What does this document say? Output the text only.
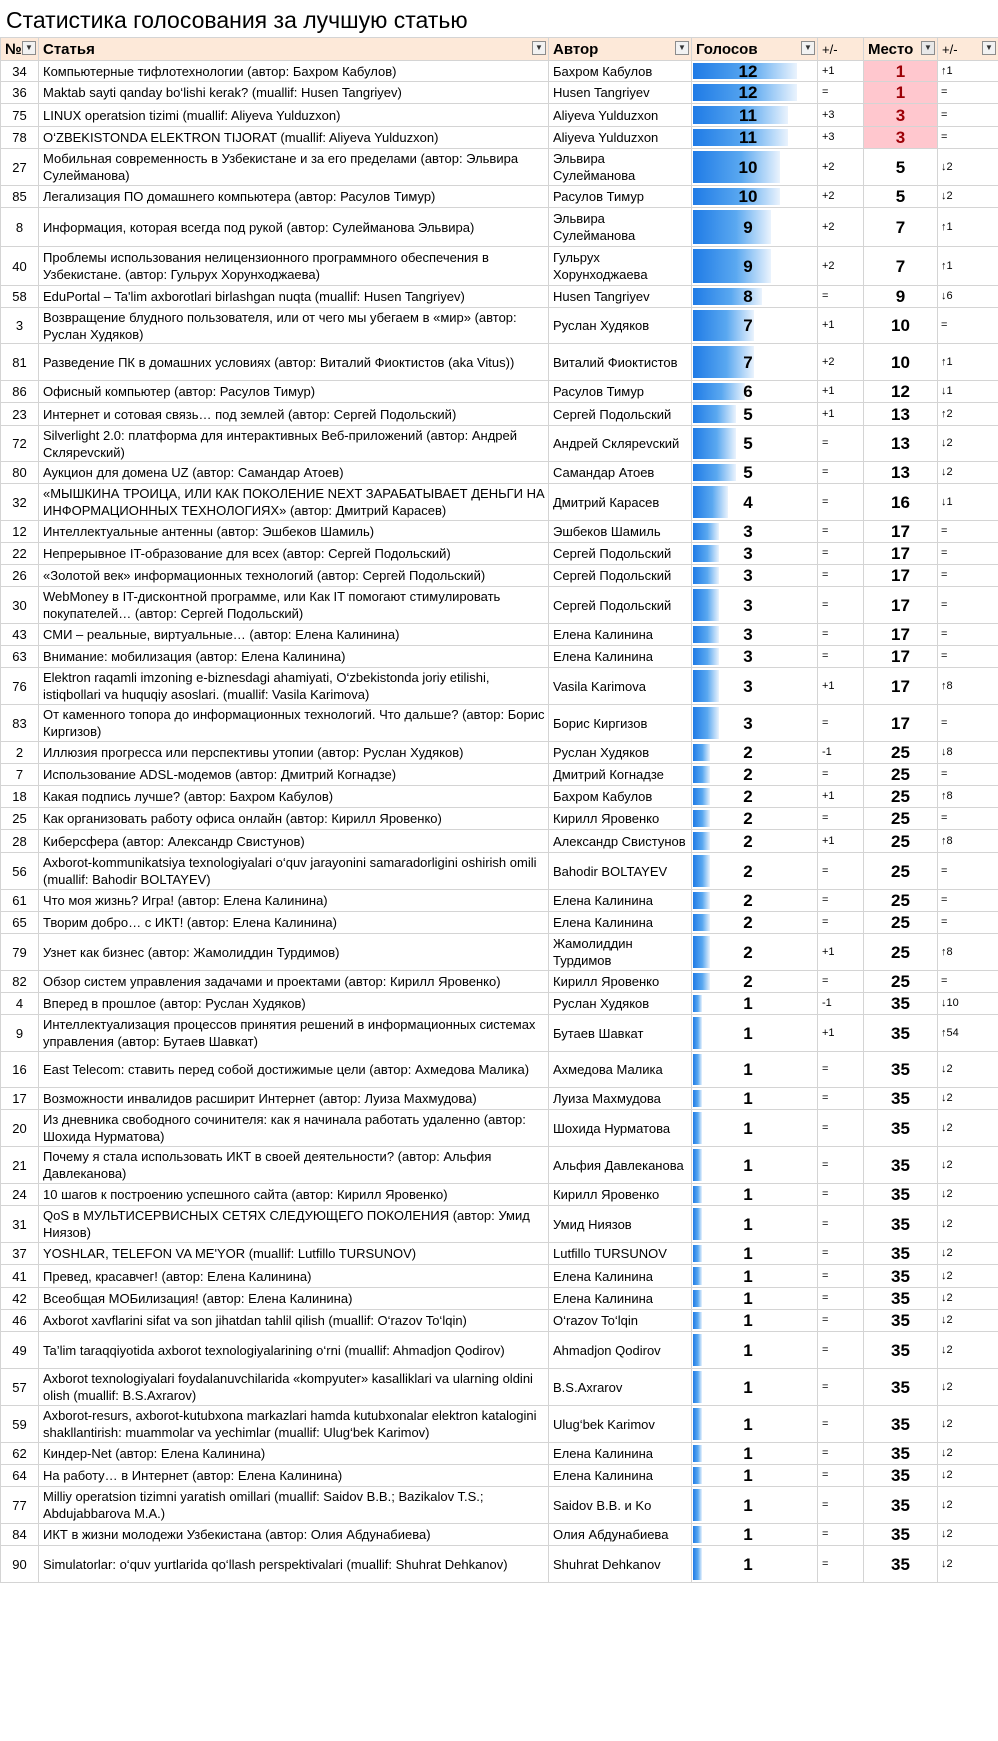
Статистика голосования за лучшую статью
№ ▼	Статья ▼	Автор ▼	Голосов ▼	+/-	Место ▼	+/- ▼

34	Компьютерные тифлотехнологии (автор: Бахром Кабулов)	Бахром Кабулов	12	+1	1	↑1
36	Maktab sayti qanday bo‘lishi kerak? (muallif: Husen Tangriyev)	Husen Tangriyev	12	=	1	=
75	LINUX operatsion tizimi (muallif: Aliyeva Yulduzxon)	Aliyeva Yulduzxon	11	+3	3	=
78	O‘ZBEKISTONDA ELEKTRON TIJORAT (muallif: Aliyeva Yulduzxon)	Aliyeva Yulduzxon	11	+3	3	=
27	Мобильная современность в Узбекистане и за его пределами (автор: Эльвира Сулейманова)	Эльвира Сулейманова	10	+2	5	↓2
85	Легализация ПО домашнего компьютера (автор: Расулов Тимур)	Расулов Тимур	10	+2	5	↓2
8	Информация, которая всегда под рукой (автор: Сулейманова Эльвира)	Эльвира Сулейманова	9	+2	7	↑1
40	Проблемы использования нелицензионного программного обеспечения в Узбекистане. (автор: Гульрух Хорунходжаева)	Гульрух Хорунходжаева	9	+2	7	↑1
58	EduPortal – Ta'lim axborotlari birlashgan nuqta (muallif: Husen Tangriyev)	Husen Tangriyev	8	=	9	↓6
3	Возвращение блудного пользователя, или от чего мы убегаем в «мир» (автор: Руслан Худяков)	Руслан Худяков	7	+1	10	=
81	Разведение ПК в домашних условиях (автор: Виталий Фиоктистов (aka Vitus))	Виталий Фиоктистов	7	+2	10	↑1
86	Офисный компьютер (автор: Расулов Тимур)	Расулов Тимур	6	+1	12	↓1
23	Интернет и сотовая связь… под землей (автор: Сергей Подольский)	Сергей Подольский	5	+1	13	↑2
72	Silverlight 2.0: платформа для интерактивных Веб-приложений (автор: Андрей Склярevский)	Андрей Склярevский	5	=	13	↓2
80	Аукцион для домена UZ (автор: Самандар Атоев)	Самандар Атоев	5	=	13	↓2
32	«МЫШКИНА ТРОИЦА, ИЛИ КАК ПОКОЛЕНИЕ NEXT ЗАРАБАТЫВАЕТ ДЕНЬГИ НА ИНФОРМАЦИОННЫХ ТЕХНОЛОГИЯХ» (автор: Дмитрий Карасев)	Дмитрий Карасев	4	=	16	↓1
12	Интеллектуальные антенны (автор: Эшбеков Шамиль)	Эшбеков Шамиль	3	=	17	=
22	Непрерывное IT-образование для всех (автор: Сергей Подольский)	Сергей Подольский	3	=	17	=
26	«Золотой век» информационных технологий (автор: Сергей Подольский)	Сергей Подольский	3	=	17	=
30	WebMoney в IT-дисконтной программе, или Как IT помогают стимулировать покупателей… (автор: Сергей Подольский)	Сергей Подольский	3	=	17	=
43	СМИ – реальные, виртуальные… (автор: Елена Калинина)	Елена Калинина	3	=	17	=
63	Внимание: мобилизация (автор: Елена Калинина)	Елена Калинина	3	=	17	=
76	Elektron raqamli imzoning e-biznesdagi ahamiyati, O‘zbekistonda joriy etilishi, istiqbollari va huquqiy asoslari. (muallif: Vasila Karimova)	Vasila Karimova	3	+1	17	↑8
83	От каменного топора до информационных технологий. Что дальше? (автор: Борис Киргизов)	Борис Киргизов	3	=	17	=
2	Иллюзия прогресса или перспективы утопии (автор: Руслан Худяков)	Руслан Худяков	2	-1	25	↓8
7	Использование ADSL-модемов (автор: Дмитрий Когнадзе)	Дмитрий Когнадзе	2	=	25	=
18	Какая подпись лучше? (автор: Бахром Кабулов)	Бахром Кабулов	2	+1	25	↑8
25	Как организовать работу офиса онлайн (автор: Кирилл Яровенко)	Кирилл Яровенко	2	=	25	=
28	Киберсфера (автор: Александр Свистунов)	Александр Свистунов	2	+1	25	↑8
56	Axborot-kommunikatsiya texnologiyalari o‘quv jarayonini samaradorligini oshirish omili (muallif: Bahodir BOLTAYEV)	Bahodir BOLTAYEV	2	=	25	=
61	Что моя жизнь? Игра! (автор: Елена Калинина)	Елена Калинина	2	=	25	=
65	Творим добро… с ИКТ! (автор: Елена Калинина)	Елена Калинина	2	=	25	=
79	Узнет как бизнес (автор: Жамолиддин Турдимов)	Жамолиддин Турдимов	2	+1	25	↑8
82	Обзор систем управления задачами и проектами (автор: Кирилл Яровенко)	Кирилл Яровенко	2	=	25	=
4	Вперед в прошлое (автор: Руслан Худяков)	Руслан Худяков	1	-1	35	↓10
9	Интеллектуализация процессов принятия решений в информационных системах управления (автор: Бутаев Шавкат)	Бутаев Шавкат	1	+1	35	↑54
16	East Telecom: ставить перед собой достижимые цели (автор: Ахмедова Малика)	Ахмедова Малика	1	=	35	↓2
17	Возможности инвалидов расширит Интернет (автор: Луиза Махмудова)	Луиза Махмудова	1	=	35	↓2
20	Из дневника свободного сочинителя: как я начинала работать удаленно (автор: Шохида Нурматова)	Шохида Нурматова	1	=	35	↓2
21	Почему я стала использовать ИКТ в своей деятельности? (автор: Альфия Давлеканова)	Альфия Давлеканова	1	=	35	↓2
24	10 шагов к построению успешного сайта (автор: Кирилл Яровенко)	Кирилл Яровенко	1	=	35	↓2
31	QoS в МУЛЬТИСЕРВИСНЫХ СЕТЯХ СЛЕДУЮЩЕГО ПОКОЛЕНИЯ (автор: Умид Ниязов)	Умид Ниязов	1	=	35	↓2
37	YOSHLAR, TELEFON VA ME'YOR (muallif: Lutfillo TURSUNOV)	Lutfillo TURSUNOV	1	=	35	↓2
41	Превед, красавчег! (автор: Елена Калинина)	Елена Калинина	1	=	35	↓2
42	Всеобщая МОБилизация! (автор: Елена Калинина)	Елена Калинина	1	=	35	↓2
46	Axborot xavflarini sifat va son jihatdan tahlil qilish (muallif: O‘razov To‘lqin)	O‘razov To‘lqin	1	=	35	↓2
49	Ta’lim taraqqiyotida axborot texnologiyalarining o‘rni (muallif: Ahmadjon Qodirov)	Ahmadjon Qodirov	1	=	35	↓2
57	Axborot texnologiyalari foydalanuvchilarida «kompyuter» kasalliklari va ularning oldini olish (muallif: B.S.Axrarov)	B.S.Axrarov	1	=	35	↓2
59	Axborot-resurs, axborot-kutubxona markazlari hamda kutubxonalar elektron katalogini shakllantirish: muammolar va yechimlar (muallif: Ulug‘bek Karimov)	Ulug‘bek Karimov	1	=	35	↓2
62	Киндер-Net (автор: Елена Калинина)	Елена Калинина	1	=	35	↓2
64	На работу… в Интернет (автор: Елена Калинина)	Елена Калинина	1	=	35	↓2
77	Milliy operatsion tizimni yaratish omillari (muallif: Saidov B.B.; Bazikalov T.S.; Abdujabbarova M.A.)	Saidov B.B. и Ko	1	=	35	↓2
84	ИКТ в жизни молодежи Узбекистана (автор: Олия Абдунабиева)	Олия Абдунабиева	1	=	35	↓2
90	Simulatorlar: o‘quv yurtlarida qo‘llash perspektivalari (muallif: Shuhrat Dehkanov)	Shuhrat Dehkanov	1	=	35	↓2
